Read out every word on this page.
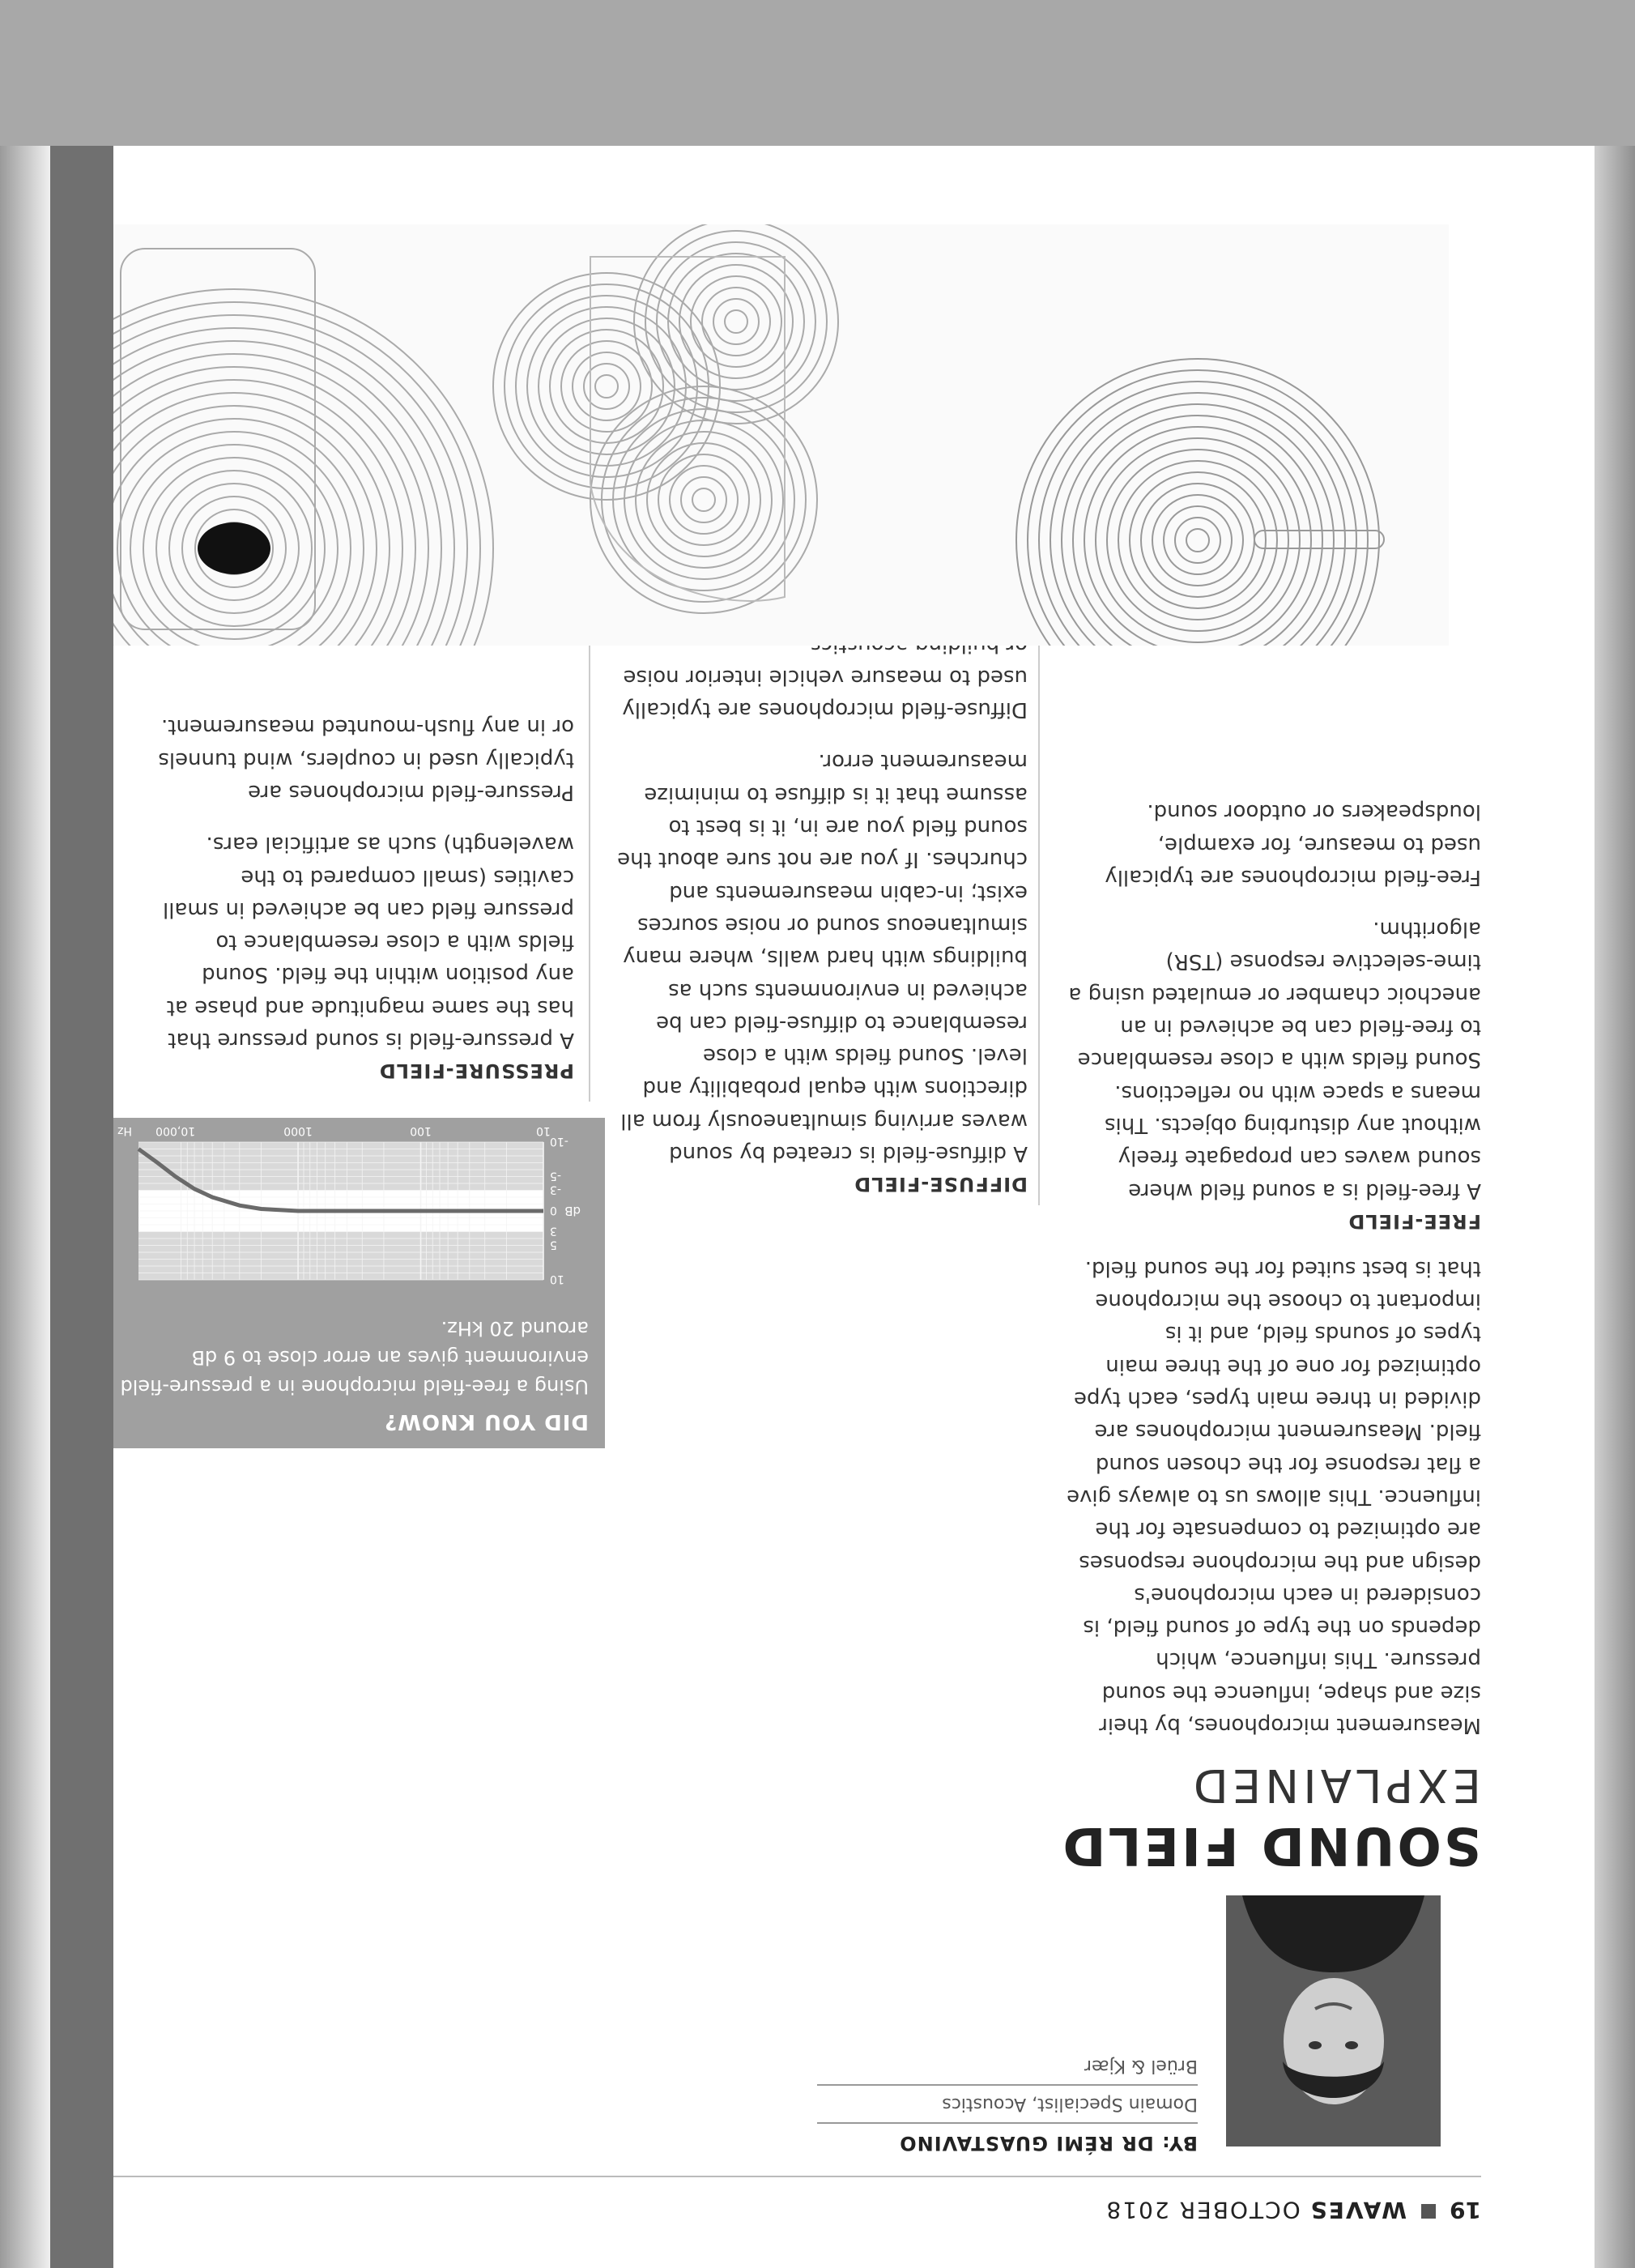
19
WAVES OCTOBER 2018
BY: DR RÉMI GUASTAVINO
Domain Specialist, Acoustics
Brüel & Kjær
SOUND FIELD
EXPLAINED

Measurement microphones, by their size and shape, influence the sound pressure. This influence, which depends on the type of sound field, is considered in each microphone's design and the microphone responses are optimized to compensate for the influence. This allows us to always give a flat response for the chosen sound field. Measurement microphones are divided in three main types, each type optimized for one of the three main types of sounds field, and it is important to choose the microphone that is best suited for the sound field.

FREE-FIELD

A free-field is a sound field where sound waves can propagate freely without any disturbing objects. This means a space with no reflections. Sound fields with a close resemblance to free-field can be achieved in an anechoic chamber or emulated using a time-selective response (TSR) algorithm.

Free-field microphones are typically used to measure, for example, loudspeakers or outdoor sound.

DIFFUSE-FIELD

A diffuse-field is created by sound waves arriving simultaneously from all directions with equal probability and level. Sound fields with a close resemblance to diffuse-field can be achieved in environments such as buildings with hard walls, where many simultaneous sound or noise sources exist; in-cabin measurements and churches. If you are not sure about the sound field you are in, it is best to assume that it is diffuse to minimize measurement error.

Diffuse-field microphones are typically used to measure vehicle interior noise

PRESSURE-FIELD

A pressure-field is sound pressure that has the same magnitude and phase at any position within the field. Sound fields with a close resemblance to pressure field can be achieved in small cavities (small compared to the wavelength) such as artificial ears.

Pressure-field microphones are typically used in couplers, wind tunnels or in any flush-mounted measurement.

DID YOU KNOW?
Using a free-field microphone in a pressure-field environment gives an error close to 9 dB around 20 kHz.
10
5
3
0
-3
-5
-10
10
100
1000
10,000
dB
Hz
